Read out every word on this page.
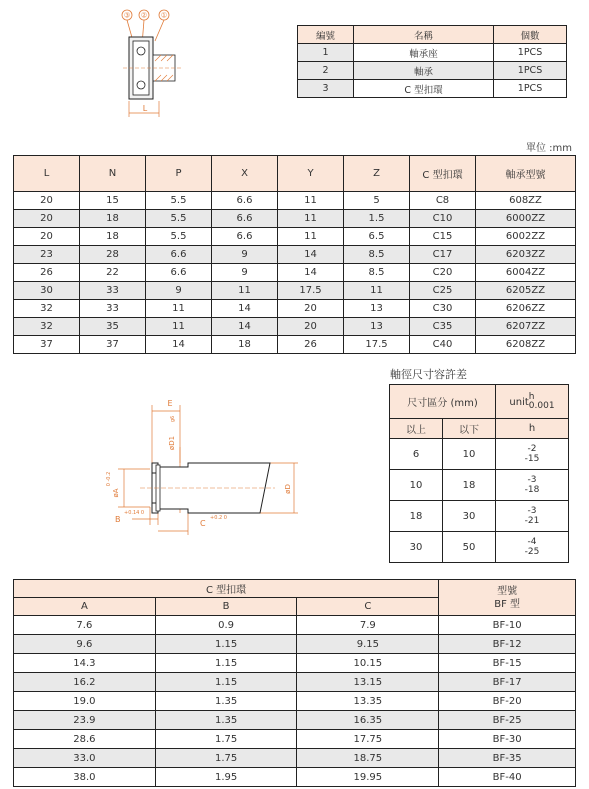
③ ② ①
L
編號	名稱	個數
1	軸承座	1PCS
2	軸承	1PCS
3	C 型扣環	1PCS
單位 :mm
L	N	P	X	Y	Z	C 型扣環	軸承型號
20	15	5.5	6.6	11	5	C8	608ZZ
20	18	5.5	6.6	11	1.5	C10	6000ZZ
20	18	5.5	6.6	11	6.5	C15	6002ZZ
23	28	6.6	9	14	8.5	C17	6203ZZ
26	22	6.6	9	14	8.5	C20	6004ZZ
30	33	9	11	17.5	11	C25	6205ZZ
32	33	11	14	20	13	C30	6206ZZ
32	35	11	14	20	13	C35	6207ZZ
37	37	14	18	26	17.5	C40	6208ZZ
E
øD1
g6
øA
0 -0.2
øD
B
+0.14 0
C
+0.2 0
軸徑尺寸容許差
尺寸區分 (mm)		unit h
0.001

以上	以下	h
6	10	-2
-15

10	18	-3
-18

18	30	-3
-21

30	50	-4
-25
C 型扣環			型號
BF 型

A	B	C	
7.6	0.9	7.9	BF-10
9.6	1.15	9.15	BF-12
14.3	1.15	10.15	BF-15
16.2	1.15	13.15	BF-17
19.0	1.35	13.35	BF-20
23.9	1.35	16.35	BF-25
28.6	1.75	17.75	BF-30
33.0	1.75	18.75	BF-35
38.0	1.95	19.95	BF-40
